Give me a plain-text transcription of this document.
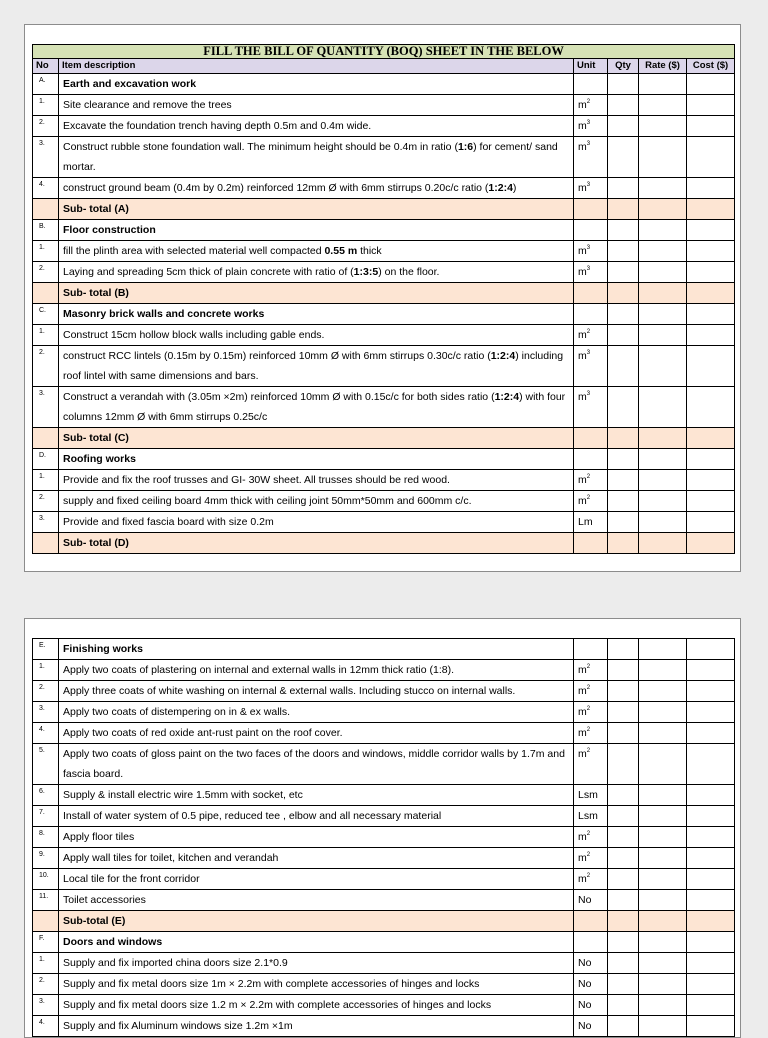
FILL THE BILL OF QUANTITY (BOQ) SHEET IN THE BELOW					
No	Item description	Unit	Qty	Rate ($)	Cost ($)
A.	Earth and excavation work				
1.	Site clearance and remove the trees	$m^2$			
2.	Excavate the foundation trench having depth 0.5m and 0.4m wide.	$m^3$			
3.	Construct rubble stone foundation wall. The minimum height should be 0.4m in ratio (1:6) for cement/ sand mortar.	$m^3$			
4.	construct ground beam (0.4m by 0.2m) reinforced 12mm Ø with 6mm stirrups 0.20c/c ratio (1:2:4)	$m^3$			
	Sub- total (A)				
B.	Floor construction				
1.	fill the plinth area with selected material well compacted 0.55 m thick	$m^3$			
2.	Laying and spreading 5cm thick of plain concrete with ratio of (1:3:5) on the floor.	$m^3$			
	Sub- total (B)				
C.	Masonry brick walls and concrete works				
1.	Construct 15cm hollow block walls including gable ends.	$m^2$			
2.	construct RCC lintels (0.15m by 0.15m) reinforced 10mm Ø with 6mm stirrups 0.30c/c ratio (1:2:4) including roof lintel with same dimensions and bars.	$m^3$			
3.	Construct a verandah with (3.05m ×2m) reinforced 10mm Ø with 0.15c/c for both sides ratio (1:2:4) with four columns 12mm Ø with 6mm stirrups 0.25c/c	$m^3$			
	Sub- total (C)				
D.	Roofing works				
1.	Provide and fix the roof trusses and GI- 30W sheet. All trusses should be red wood.	$m^2$			
2.	supply and fixed ceiling board 4mm thick with ceiling joint 50mm*50mm and 600mm c/c.	$m^2$			
3.	Provide and fixed fascia board with size 0.2m	Lm			
	Sub- total (D)				
E.	Finishing works				
1.	Apply two coats of plastering on internal and external walls in 12mm thick ratio (1:8).	$m^2$			
2.	Apply three coats of white washing on internal & external walls. Including stucco on internal walls.	$m^2$			
3.	Apply two coats of distempering on in & ex walls.	$m^2$			
4.	Apply two coats of red oxide ant-rust paint on the roof cover.	$m^2$			
5.	Apply two coats of gloss paint on the two faces of the doors and windows, middle corridor walls by 1.7m and fascia board.	$m^2$			
6.	Supply & install electric wire 1.5mm with socket, etc	Lsm			
7.	Install of water system of 0.5 pipe, reduced tee , elbow and all necessary material	Lsm			
8.	Apply floor tiles	$m^2$			
9.	Apply wall tiles for toilet, kitchen and verandah	$m^2$			
10.	Local tile for the front corridor	$m^2$			
11.	Toilet accessories	No			
	Sub-total (E)				
F.	Doors and windows				
1.	Supply and fix imported china doors size 2.1*0.9	No			
2.	Supply and fix metal doors size 1m × 2.2m with complete accessories of hinges and locks	No			
3.	Supply and fix metal doors size 1.2 m × 2.2m with complete accessories of hinges and locks	No			
4.	Supply and fix Aluminum windows size 1.2m ×1m	No			
